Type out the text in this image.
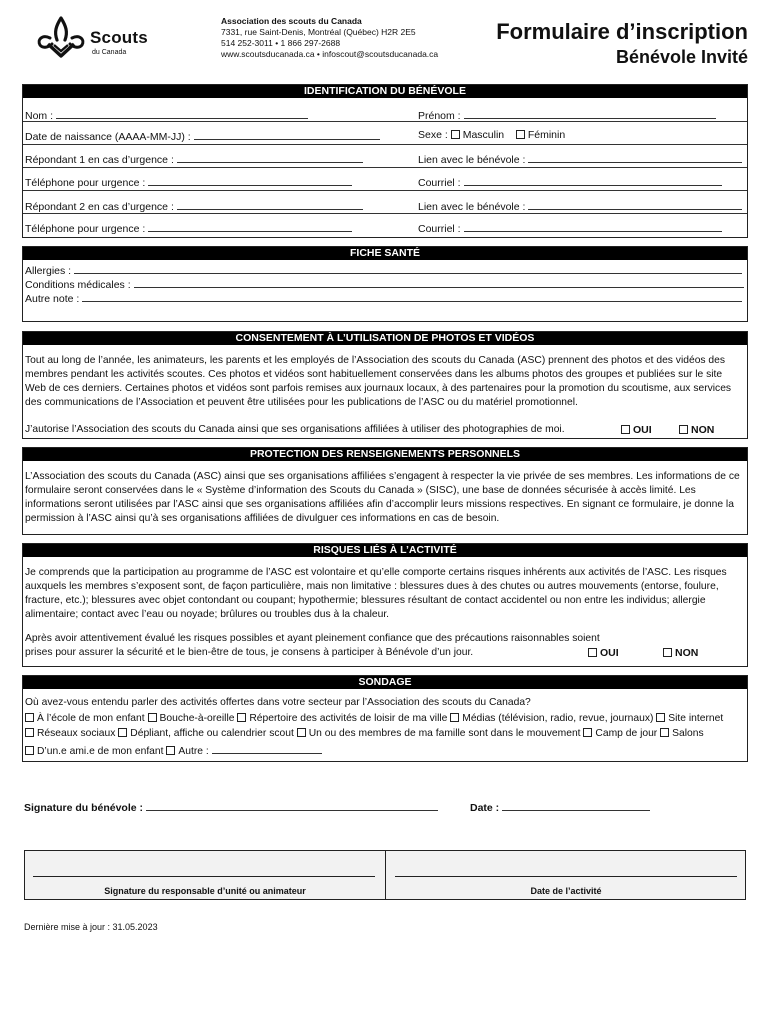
Scouts
du Canada
Association des scouts du Canada
7331, rue Saint-Denis, Montréal (Québec) H2R 2E5
514 252-3011 • 1 866 297-2688
www.scoutsducanada.ca • infoscout@scoutsducanada.ca
Formulaire d’inscription
Bénévole Invité
IDENTIFICATION DU BÉNÉVOLE
Nom :	Prénom :
Date de naissance (AAAA-MM-JJ) :	Sexe : Masculin Féminin
Répondant 1 en cas d’urgence :	Lien avec le bénévole :
Téléphone pour urgence :	Courriel :
Répondant 2 en cas d’urgence :	Lien avec le bénévole :
Téléphone pour urgence :	Courriel :
FICHE SANTÉ
Allergies :
Conditions médicales :
Autre note :
CONSENTEMENT À L’UTILISATION DE PHOTOS ET VIDÉOS
Tout au long de l’année, les animateurs, les parents et les employés de l’Association des scouts du Canada (ASC) prennent des photos et des vidéos des membres pendant les activités scoutes. Ces photos et vidéos sont habituellement conservées dans les albums photos des groupes et publiées sur le site Web de ces derniers. Certaines photos et vidéos sont parfois remises aux journaux locaux, à des partenaires pour la promotion du scoutisme, aux services des communications de l’Association et peuvent être utilisées pour les publications de l’ASC ou du matériel promotionnel.
J’autorise l’Association des scouts du Canada ainsi que ses organisations affiliées à utiliser des photographies de moi.	OUI	NON
PROTECTION DES RENSEIGNEMENTS PERSONNELS
L’Association des scouts du Canada (ASC) ainsi que ses organisations affiliées s’engagent à respecter la vie privée de ses membres. Les informations de ce formulaire seront conservées dans le « Système d’information des Scouts du Canada » (SISC), une base de données sécurisée à accès limité. Les informations seront utilisées par l’ASC ainsi que ses organisations affiliées afin d’accomplir leurs missions respectives. En signant ce formulaire, je donne la permission à l’ASC ainsi qu’à ses organisations affiliées de divulguer ces informations en cas de besoin.
RISQUES LIÉS À L’ACTIVITÉ
Je comprends que la participation au programme de l’ASC est volontaire et qu’elle comporte certains risques inhérents aux activités de l’ASC. Les risques auxquels les membres s’exposent sont, de façon particulière, mais non limitative : blessures dues à des chutes ou autres mouvements (entorse, foulure, fracture, etc.); blessures avec objet contondant ou coupant; hypothermie; blessures résultant de contact accidentel ou non entre les individus; allergie alimentaire; contact avec l’eau ou noyade; brûlures ou troubles dus à la chaleur.
Après avoir attentivement évalué les risques possibles et ayant pleinement confiance que des précautions raisonnables soient prises pour assurer la sécurité et le bien-être de tous, je consens à participer à Bénévole d’un jour.	OUI	NON
SONDAGE
Où avez-vous entendu parler des activités offertes dans votre secteur par l’Association des scouts du Canada?
À l’école de mon enfant Bouche-à-oreille Répertoire des activités de loisir de ma ville Médias (télévision, radio, revue, journaux) Site internet
Réseaux sociaux Dépliant, affiche ou calendrier scout Un ou des membres de ma famille sont dans le mouvement Camp de jour Salons
D’un.e ami.e de mon enfant Autre :
Signature du bénévole :	Date :
Signature du responsable d’unité ou animateur	Date de l’activité
Dernière mise à jour : 31.05.2023
